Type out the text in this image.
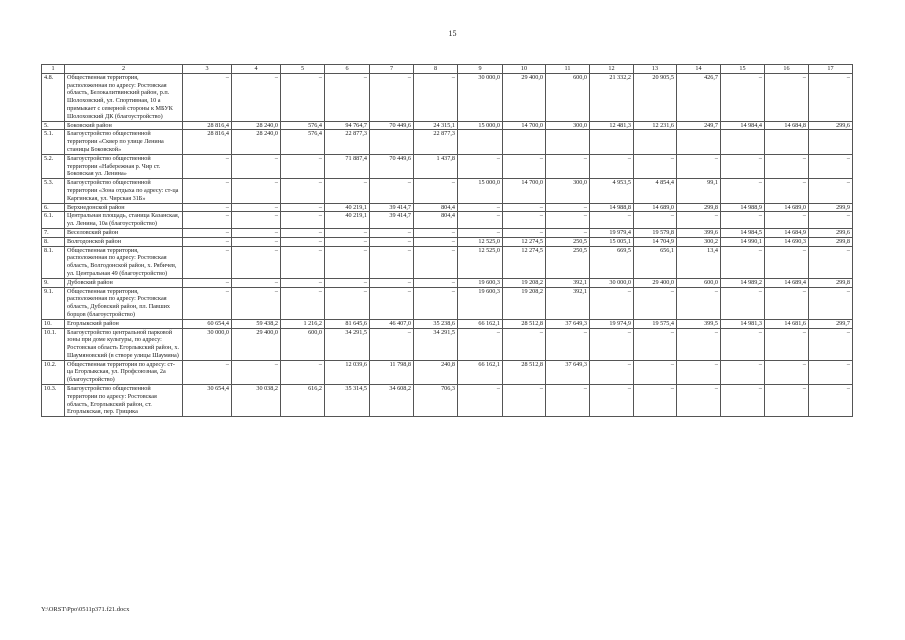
15
1	2	3	4	5	6	7	8	9	10	11	12	13	14	15	16	17
4.8.	Общественная территория, расположенная по адресу: Ростовская область, Белокалитвинский район, р.п. Шолоховский, ул. Спортивная, 10 а примыкает с северной стороны к МБУК Шолоховский ДК (благоустройство)	–	–	–	–	–	–	30 000,0	29 400,0	600,0	21 332,2	20 905,5	426,7	–	–	–
5.	Боковский район	28 816,4	28 240,0	576,4	94 764,7	70 449,6	24 315,1	15 000,0	14 700,0	300,0	12 481,3	12 231,6	249,7	14 984,4	14 684,8	299,6
5.1.	Благоустройство общественной территории «Сквер по улице Ленина станицы Боковской»	28 816,4	28 240,0	576,4	22 877,3		22 877,3									
5.2.	Благоустройство общественной территории «Набережная р. Чир ст. Боковская ул. Ленина»	–	–	–	71 887,4	70 449,6	1 437,8	–	–	–	–	–	–	–	–	–
5.3.	Благоустройство общественной территории «Зона отдыха по адресу: ст-ца Каргинская, ул. Чирская 31Б»	–	–	–	–	–	–	15 000,0	14 700,0	300,0	4 953,5	4 854,4	99,1	–	–	–
6.	Верхнедонской район	–	–	–	40 219,1	39 414,7	804,4	–	–	–	14 988,8	14 689,0	299,8	14 988,9	14 689,0	299,9
6.1.	Центральная площадь, станица Казанская, ул. Ленина, 10а (благоустройство)	–	–	–	40 219,1	39 414,7	804,4	–	–	–	–	–	–	–	–	–
7.	Веселовский район	–	–	–	–	–	–	–	–	–	19 979,4	19 579,8	399,6	14 984,5	14 684,9	299,6
8.	Волгодонской район	–	–	–	–	–	–	12 525,0	12 274,5	250,5	15 005,1	14 704,9	300,2	14 990,1	14 690,3	299,8
8.1.	Общественная территория, расположенная по адресу: Ростовская область, Волгодонской район, х. Рябичев, ул. Центральная 49 (благоустройство)	–	–	–	–	–	–	12 525,0	12 274,5	250,5	669,5	656,1	13,4	–	–	–
9.	Дубовский район	–	–	–	–	–	–	19 600,3	19 208,2	392,1	30 000,0	29 400,0	600,0	14 989,2	14 689,4	299,8
9.1.	Общественная территория, расположенная по адресу: Ростовская область, Дубовский район, пл. Павших борцов (благоустройство)	–	–	–	–	–	–	19 600,3	19 208,2	392,1	–	–	–	–	–	–
10.	Егорлыкский район	60 654,4	59 438,2	1 216,2	81 645,6	46 407,0	35 238,6	66 162,1	28 512,8	37 649,3	19 974,9	19 575,4	399,5	14 981,3	14 681,6	299,7
10.1.	Благоустройство центральной парковой зоны при доме культуры, по адресу: Ростовская область Егорлыкский район, х. Шаумяновский (в створе улицы Шаумяна)	30 000,0	29 400,0	600,0	34 291,5	–	34 291,5	–	–	–	–	–	–	–	–	–
10.2.	Общественная территория по адресу: ст-ца Егорлыкская, ул. Профсоюзная, 2а (благоустройство)	–	–	–	12 039,6	11 798,8	240,8	66 162,1	28 512,8	37 649,3	–	–	–	–	–	–
10.3.	Благоустройство общественной территории по адресу: Ростовская область, Егорлыкский район, ст. Егорлыкская, пер. Грицика	30 654,4	30 038,2	616,2	35 314,5	34 608,2	706,3	–	–	–	–	–	–	–	–	–
Y:\ORST\Ppo\0511p371.f21.docx
